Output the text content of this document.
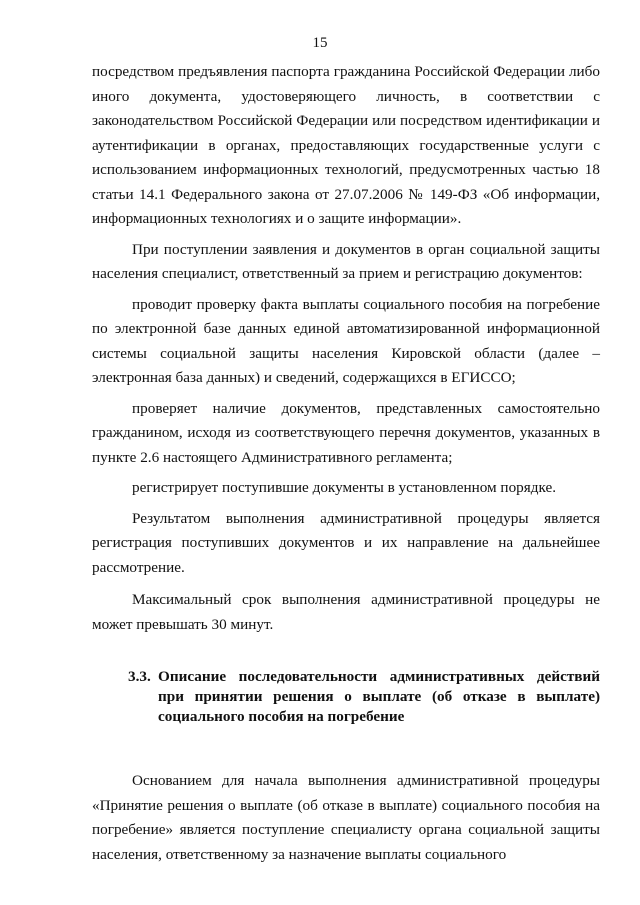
15

посредством предъявления паспорта гражданина Российской Федерации либо иного документа, удостоверяющего личность, в соответствии с законодательством Российской Федерации или посредством идентификации и аутентификации в органах, предоставляющих государственные услуги с использованием информационных технологий, предусмотренных частью 18 статьи 14.1 Федерального закона от 27.07.2006 № 149-ФЗ «Об информации, информационных технологиях и о защите информации».

При поступлении заявления и документов в орган социальной защиты населения специалист, ответственный за прием и регистрацию документов:

проводит проверку факта выплаты социального пособия на погребение по электронной базе данных единой автоматизированной информационной системы социальной защиты населения Кировской области (далее – электронная база данных) и сведений, содержащихся в ЕГИССО;

проверяет наличие документов, представленных самостоятельно гражданином, исходя из соответствующего перечня документов, указанных в пункте 2.6 настоящего Административного регламента;

регистрирует поступившие документы в установленном порядке.

Результатом выполнения административной процедуры является регистрация поступивших документов и их направление на дальнейшее рассмотрение.

Максимальный срок выполнения административной процедуры не может превышать 30 минут.

3.3. Описание последовательности административных действий при принятии решения о выплате (об отказе в выплате) социального пособия на погребение

Основанием для начала выполнения административной процедуры «Принятие решения о выплате (об отказе в выплате) социального пособия на погребение» является поступление специалисту органа социальной защиты населения, ответственному за назначение выплаты социального
